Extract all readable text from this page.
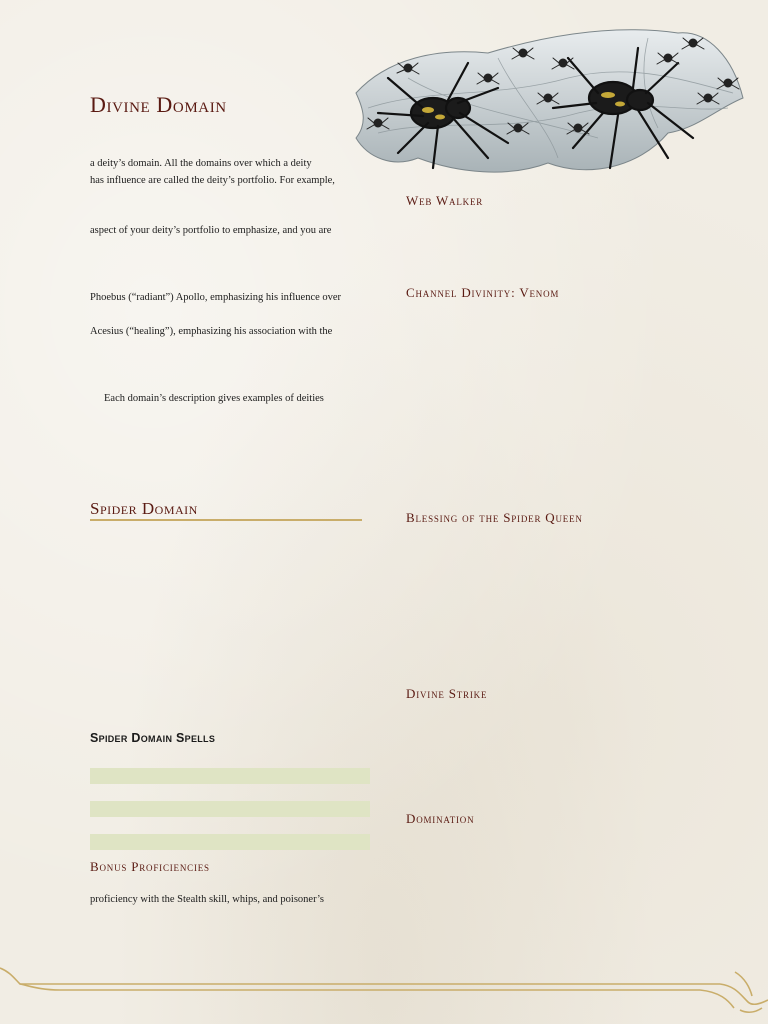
Divine Domain

a deity’s domain. All the domains over which a deity

has influence are called the deity’s portfolio. For example,

aspect of your deity’s portfolio to emphasize, and you are

Phoebus (“radiant”) Apollo, emphasizing his influence over

Acesius (“healing”), emphasizing his association with the

Each domain’s description gives examples of deities

Spider Domain
Spider Domain Spells
Bonus Proficiencies

proficiency with the Stealth skill, whips, and poisoner’s

Web Walker
Channel Divinity: Venom
Blessing of the Spider Queen
Divine Strike
Domination
